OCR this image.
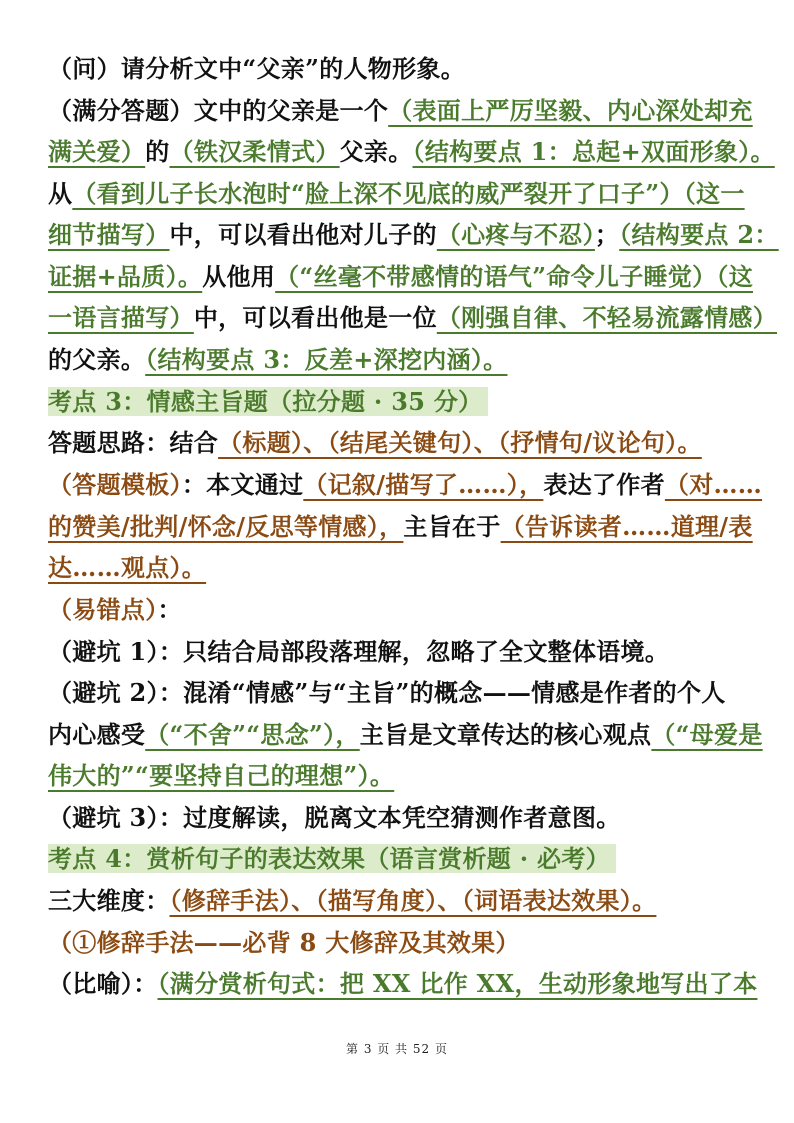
（问）请分析文中“父亲”的人物形象。
（满分答题）文中的父亲是一个（表面上严厉坚毅、内心深处却充
满关爱）的（铁汉柔情式）父亲。（结构要点 1：总起+双面形象）。
从（看到儿子长水泡时“脸上深不见底的威严裂开了口子”）（这一
细节描写）中，可以看出他对儿子的（心疼与不忍）；（结构要点 2：
证据+品质）。从他用（“丝毫不带感情的语气”命令儿子睡觉）（这
一语言描写）中，可以看出他是一位（刚强自律、不轻易流露情感）
的父亲。（结构要点 3：反差+深挖内涵）。
考点 3：情感主旨题（拉分题 · 35 分）
答题思路：结合（标题）、（结尾关键句）、（抒情句/议论句）。
（答题模板）：本文通过（记叙/描写了……），表达了作者（对……
的赞美/批判/怀念/反思等情感），主旨在于（告诉读者……道理/表
达……观点）。
（易错点）：
（避坑 1）：只结合局部段落理解，忽略了全文整体语境。
（避坑 2）：混淆“情感”与“主旨”的概念——情感是作者的个人
内心感受（“不舍”“思念”），主旨是文章传达的核心观点（“母爱是
伟大的”“要坚持自己的理想”）。
（避坑 3）：过度解读，脱离文本凭空猜测作者意图。
考点 4：赏析句子的表达效果（语言赏析题 · 必考）
三大维度：（修辞手法）、（描写角度）、（词语表达效果）。
（①修辞手法——必背 8 大修辞及其效果）
（比喻）：（满分赏析句式：把 XX 比作 XX，生动形象地写出了本
第 3 页 共 52 页
